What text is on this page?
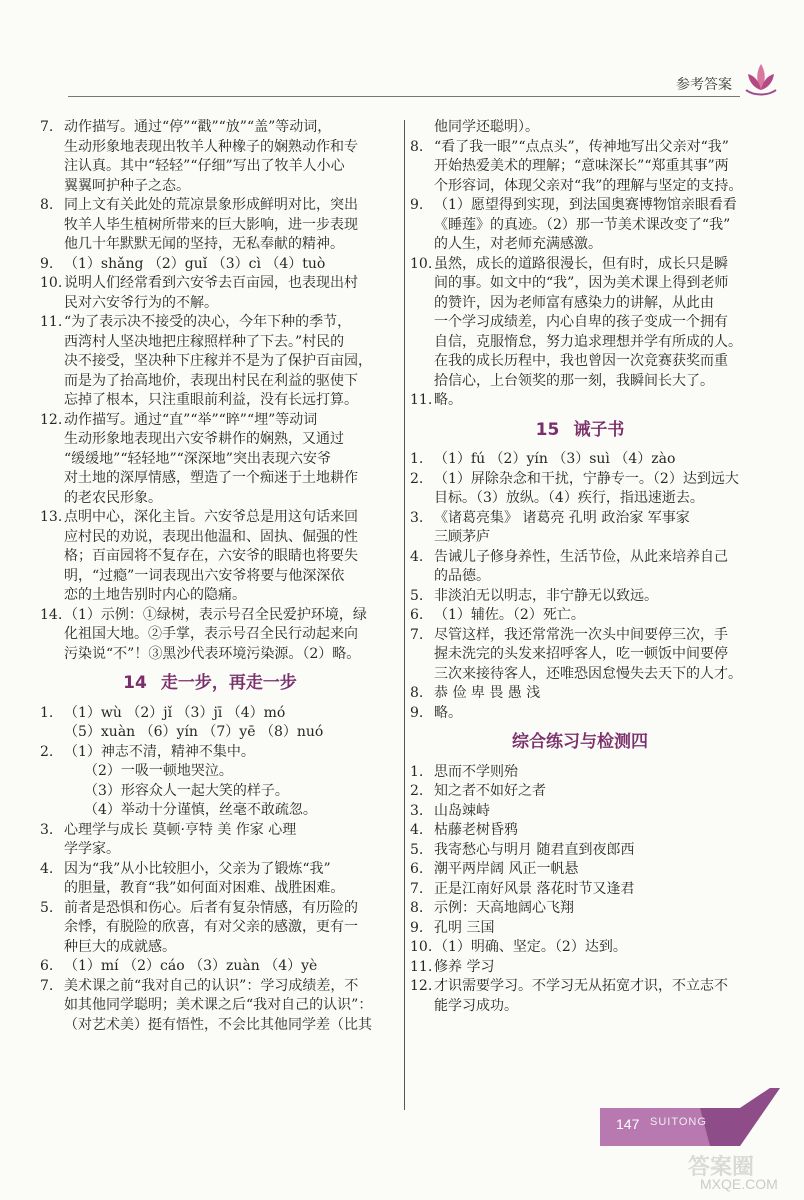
参考答案
7. 动作描写。通过“停”“戳”“放”“盖”等动词，
生动形象地表现出牧羊人种橡子的娴熟动作和专
注认真。其中“轻轻”“仔细”写出了牧羊人小心
翼翼呵护种子之态。
8. 同上文有关此处的荒凉景象形成鲜明对比，突出
牧羊人毕生植树所带来的巨大影响，进一步表现
他几十年默默无闻的坚持，无私奉献的精神。
9. （1）shǎng （2）guǐ （3）cì （4）tuò
10. 说明人们经常看到六安爷去百亩园，也表现出村
民对六安爷行为的不解。
11. “为了表示决不接受的决心，今年下种的季节，
西湾村人坚决地把庄稼照样种了下去。”村民的
决不接受，坚决种下庄稼并不是为了保护百亩园，
而是为了抬高地价，表现出村民在利益的驱使下
忘掉了根本，只注重眼前利益，没有长远打算。
12. 动作描写。通过“直”“举”“晬”“埋”等动词
生动形象地表现出六安爷耕作的娴熟，又通过
“缓缓地”“轻轻地”“深深地”突出表现六安爷
对土地的深厚情感，塑造了一个痴迷于土地耕作
的老农民形象。
13. 点明中心，深化主旨。六安爷总是用这句话来回
应村民的劝说，表现出他温和、固执、倔强的性
格；百亩园将不复存在，六安爷的眼睛也将要失
明，“过瘾”一词表现出六安爷将要与他深深依
恋的土地告别时内心的隐痛。
14. （1）示例：①绿树，表示号召全民爱护环境，绿
化祖国大地。②手掌，表示号召全民行动起来向
污染说“不”！③黑沙代表环境污染源。（2）略。
14 走一步，再走一步
1. （1）wù （2）jǐ （3）jī （4）mó
（5）xuàn （6）yín （7）yē （8）nuó
2. （1）神志不清，精神不集中。
（2）一吸一顿地哭泣。
（3）形容众人一起大笑的样子。
（4）举动十分谨慎，丝毫不敢疏忽。
3. 心理学与成长 莫顿·亨特 美 作家 心理
学学家。
4. 因为“我”从小比较胆小，父亲为了锻炼“我”
的胆量，教育“我”如何面对困难、战胜困难。
5. 前者是恐惧和伤心。后者有复杂情感，有历险的
余悸，有脱险的欣喜，有对父亲的感激，更有一
种巨大的成就感。
6. （1）mí （2）cáo （3）zuàn （4）yè
7. 美术课之前“我对自己的认识”：学习成绩差，不
如其他同学聪明；美术课之后“我对自己的认识”：
（对艺术美）挺有悟性，不会比其他同学差（比其
他同学还聪明）。
8. “看了我一眼”“点点头”，传神地写出父亲对“我”
开始热爱美术的理解；“意味深长”“郑重其事”两
个形容词，体现父亲对“我”的理解与坚定的支持。
9. （1）愿望得到实现，到法国奥赛博物馆亲眼看看
《睡莲》的真迹。（2）那一节美术课改变了“我”
的人生，对老师充满感激。
10. 虽然，成长的道路很漫长，但有时，成长只是瞬
间的事。如文中的“我”，因为美术课上得到老师
的赞许，因为老师富有感染力的讲解，从此由
一个学习成绩差，内心自卑的孩子变成一个拥有
自信，克服惰怠，努力追求理想并学有所成的人。
在我的成长历程中，我也曾因一次竞赛获奖而重
拾信心，上台领奖的那一刻，我瞬间长大了。
11. 略。
15 诫子书
1. （1）fú （2）yín （3）suì （4）zào
2. （1）屏除杂念和干扰，宁静专一。（2）达到远大
目标。（3）放纵。（4）疾行，指迅速逝去。
3. 《诸葛亮集》 诸葛亮 孔明 政治家 军事家
三顾茅庐
4. 告诫儿子修身养性，生活节俭，从此来培养自己
的品德。
5. 非淡泊无以明志，非宁静无以致远。
6. （1）辅佐。（2）死亡。
7. 尽管这样，我还常常洗一次头中间要停三次，手
握未洗完的头发来招呼客人，吃一顿饭中间要停
三次来接待客人，还唯恐因怠慢失去天下的人才。
8. 恭 俭 卑 畏 愚 浅
9. 略。
综合练习与检测四
1. 思而不学则殆
2. 知之者不如好之者
3. 山岛竦峙
4. 枯藤老树昏鸦
5. 我寄愁心与明月 随君直到夜郎西
6. 潮平两岸阔 风正一帆悬
7. 正是江南好风景 落花时节又逢君
8. 示例：天高地阔心飞翔
9. 孔明 三国
10. （1）明确、坚定。（2）达到。
11. 修养 学习
12. 才识需要学习。不学习无从拓宽才识，不立志不
能学习成功。
147 SUITONG
答案圈
MXQE.COM
